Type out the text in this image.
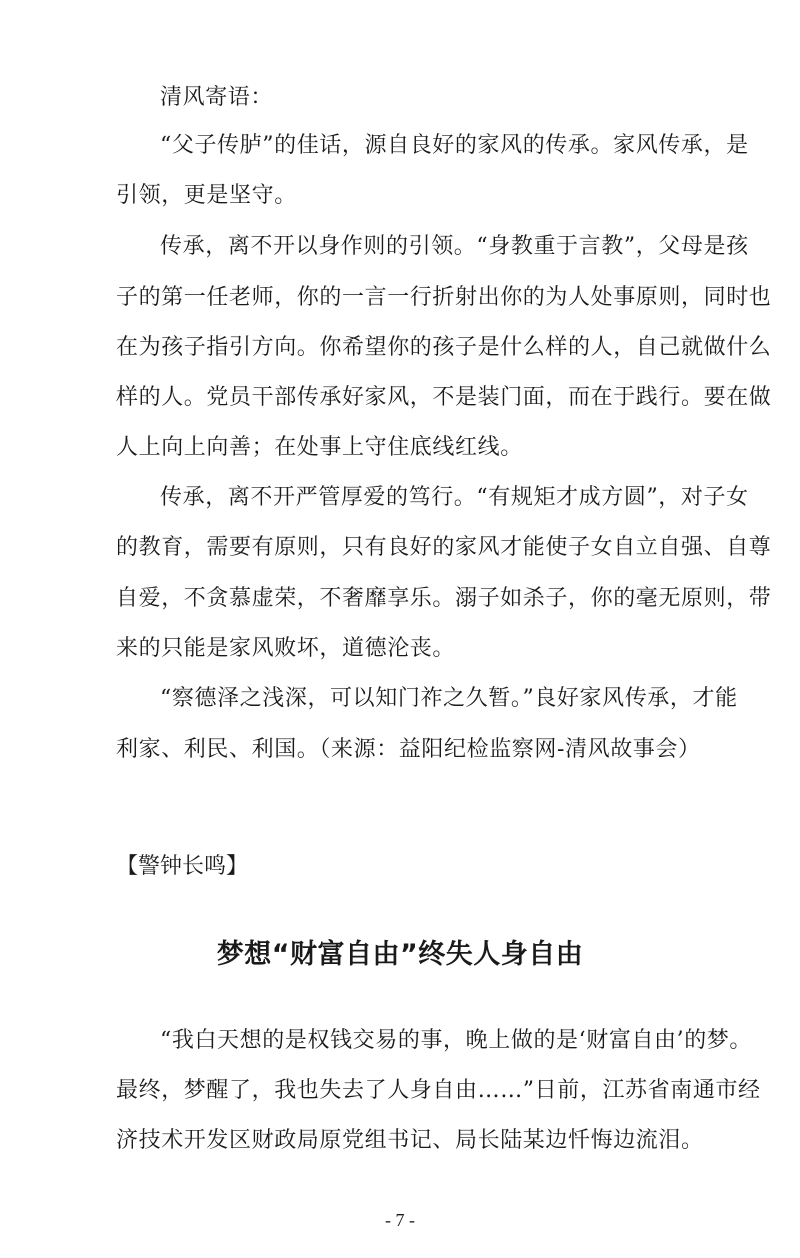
清风寄语：
“父子传胪”的佳话，源自良好的家风的传承。家风传承，是
引领，更是坚守。
传承，离不开以身作则的引领。“身教重于言教”，父母是孩
子的第一任老师，你的一言一行折射出你的为人处事原则，同时也
在为孩子指引方向。你希望你的孩子是什么样的人，自己就做什么
样的人。党员干部传承好家风，不是装门面，而在于践行。要在做
人上向上向善；在处事上守住底线红线。
传承，离不开严管厚爱的笃行。“有规矩才成方圆”，对子女
的教育，需要有原则，只有良好的家风才能使子女自立自强、自尊
自爱，不贪慕虚荣，不奢靡享乐。溺子如杀子，你的毫无原则，带
来的只能是家风败坏，道德沦丧。
“察德泽之浅深，可以知门祚之久暂。”良好家风传承，才能
利家、利民、利国。（来源：益阳纪检监察网-清风故事会）
【警钟长鸣】
梦想“财富自由”终失人身自由
“我白天想的是权钱交易的事，晚上做的是‘财富自由’的梦。
最终，梦醒了，我也失去了人身自由……”日前，江苏省南通市经
济技术开发区财政局原党组书记、局长陆某边忏悔边流泪。
- 7 -
